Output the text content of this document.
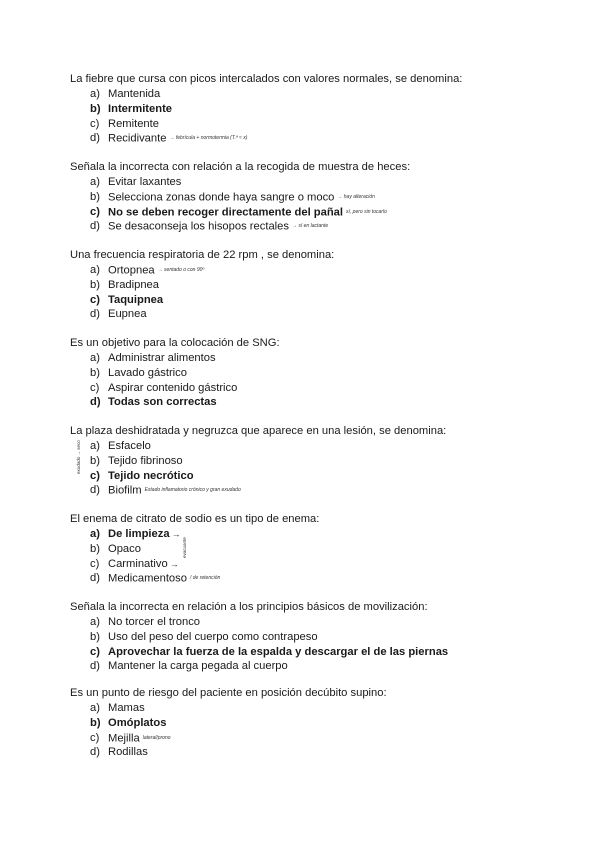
La fiebre que cursa con picos intercalados con valores normales, se denomina:
a) Mantenida
b) Intermitente
c) Remitente
d) Recidivante → febrícula + normotermia (T.ª ≈ x)
Señala la incorrecta con relación a la recogida de muestra de heces:
a) Evitar laxantes
b) Selecciona zonas donde haya sangre o moco → hay alteración
c) No se deben recoger directamente del pañal sí, pero sin tocarlo
d) Se desaconseja los hisopos rectales → sí en lactante
Una frecuencia respiratoria de 22 rpm , se denomina:
a) Ortopnea → sentado o con 90º
b) Bradipnea
c) Taquipnea
d) Eupnea
Es un objetivo para la colocación de SNG:
a) Administrar alimentos
b) Lavado gástrico
c) Aspirar contenido gástrico
d) Todas son correctas
La plaza deshidratada y negruzca que aparece en una lesión, se denomina:
a) Esfacelo
b) Tejido fibrinoso
c) Tejido necrótico
d) Biofilm Estado inflamatorio crónico y gran exudado
exudado → seco
El enema de citrato de sodio es un tipo de enema:
a) De limpieza →
b) Opaco
c) Carminativo →
d) Medicamentoso / de retención
evacuante
Señala la incorrecta en relación a los principios básicos de movilización:
a) No torcer el tronco
b) Uso del peso del cuerpo como contrapeso
c) Aprovechar la fuerza de la espalda y descargar el de las piernas
d) Mantener la carga pegada al cuerpo
Es un punto de riesgo del paciente en posición decúbito supino:
a) Mamas
b) Omóplatos
c) Mejilla lateral/prono
d) Rodillas
